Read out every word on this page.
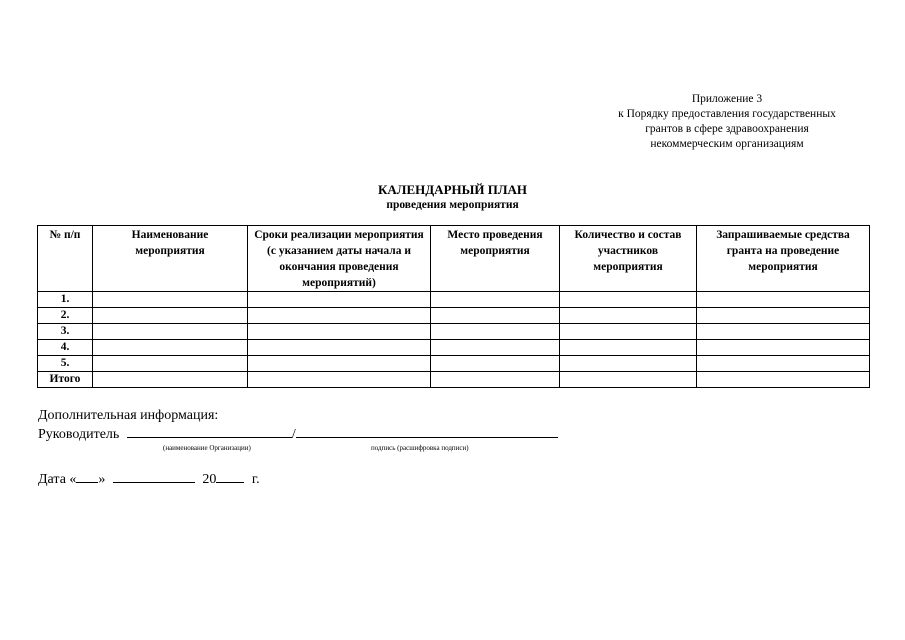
Приложение 3
к Порядку предоставления государственных
грантов в сфере здравоохранения
некоммерческим организациям
КАЛЕНДАРНЫЙ ПЛАН
проведения мероприятия
№ п/п	Наименование мероприятия	Сроки реализации мероприятия (с указанием даты начала и окончания проведения мероприятий)	Место проведения мероприятия	Количество и состав участников мероприятия	Запрашиваемые средства гранта на проведение мероприятия
1.					
2.					
3.					
4.					
5.					
Итого					
Дополнительная информация:
Руководитель	/
(наименование Организации)	подпись (расшифровка подписи)
Дата « »	20	г.
